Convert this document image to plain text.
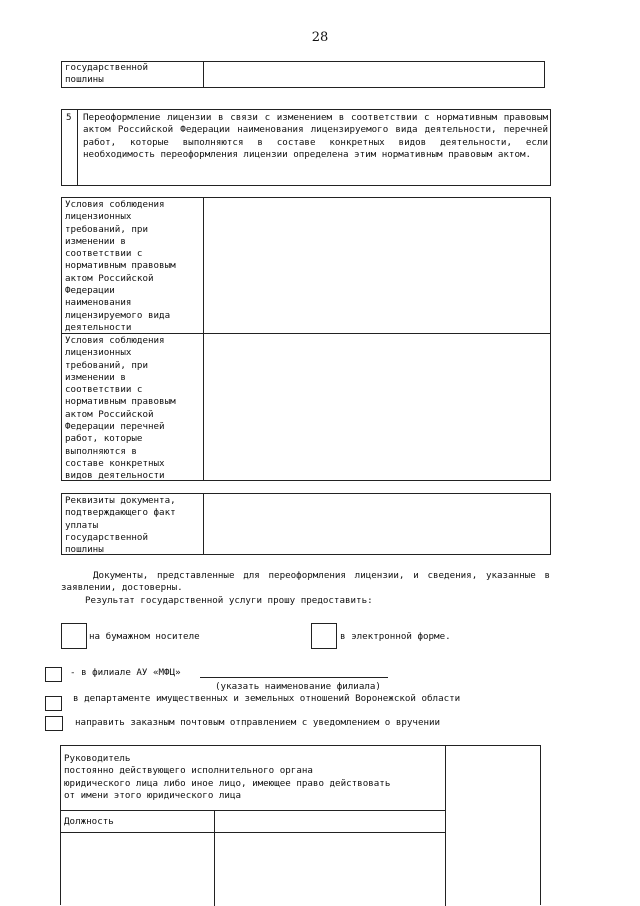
28
государственной
пошлины
5 Переоформление лицензии в связи с изменением в соответствии с нормативным правовым актом Российской Федерации наименования лицензируемого вида деятельности, перечней работ, которые выполняются в составе конкретных видов деятельности, если необходимость переоформления лицензии определена этим нормативным правовым актом.
Условия соблюдения
лицензионных
требований, при
изменении в
соответствии с
нормативным правовым
актом Российской
Федерации
наименования
лицензируемого вида
деятельности
Условия соблюдения
лицензионных
требований, при
изменении в
соответствии с
нормативным правовым
актом Российской
Федерации перечней
работ, которые
выполняются в
составе конкретных
видов деятельности
Реквизиты документа,
подтверждающего факт
уплаты
государственной
пошлины
Документы, представленные для переоформления лицензии, и сведения, указанные в заявлении, достоверны.
Результат государственной услуги прошу предоставить:
на бумажном носителе	в электронной форме.
- в филиале АУ «МФЦ»
(указать наименование филиала)
в департаменте имущественных и земельных отношений Воронежской области
направить заказным почтовым отправлением с уведомлением о вручении
Руководитель
постоянно действующего исполнительного органа
юридического лица либо иное лицо, имеющее право действовать
от имени этого юридического лица
Должность
